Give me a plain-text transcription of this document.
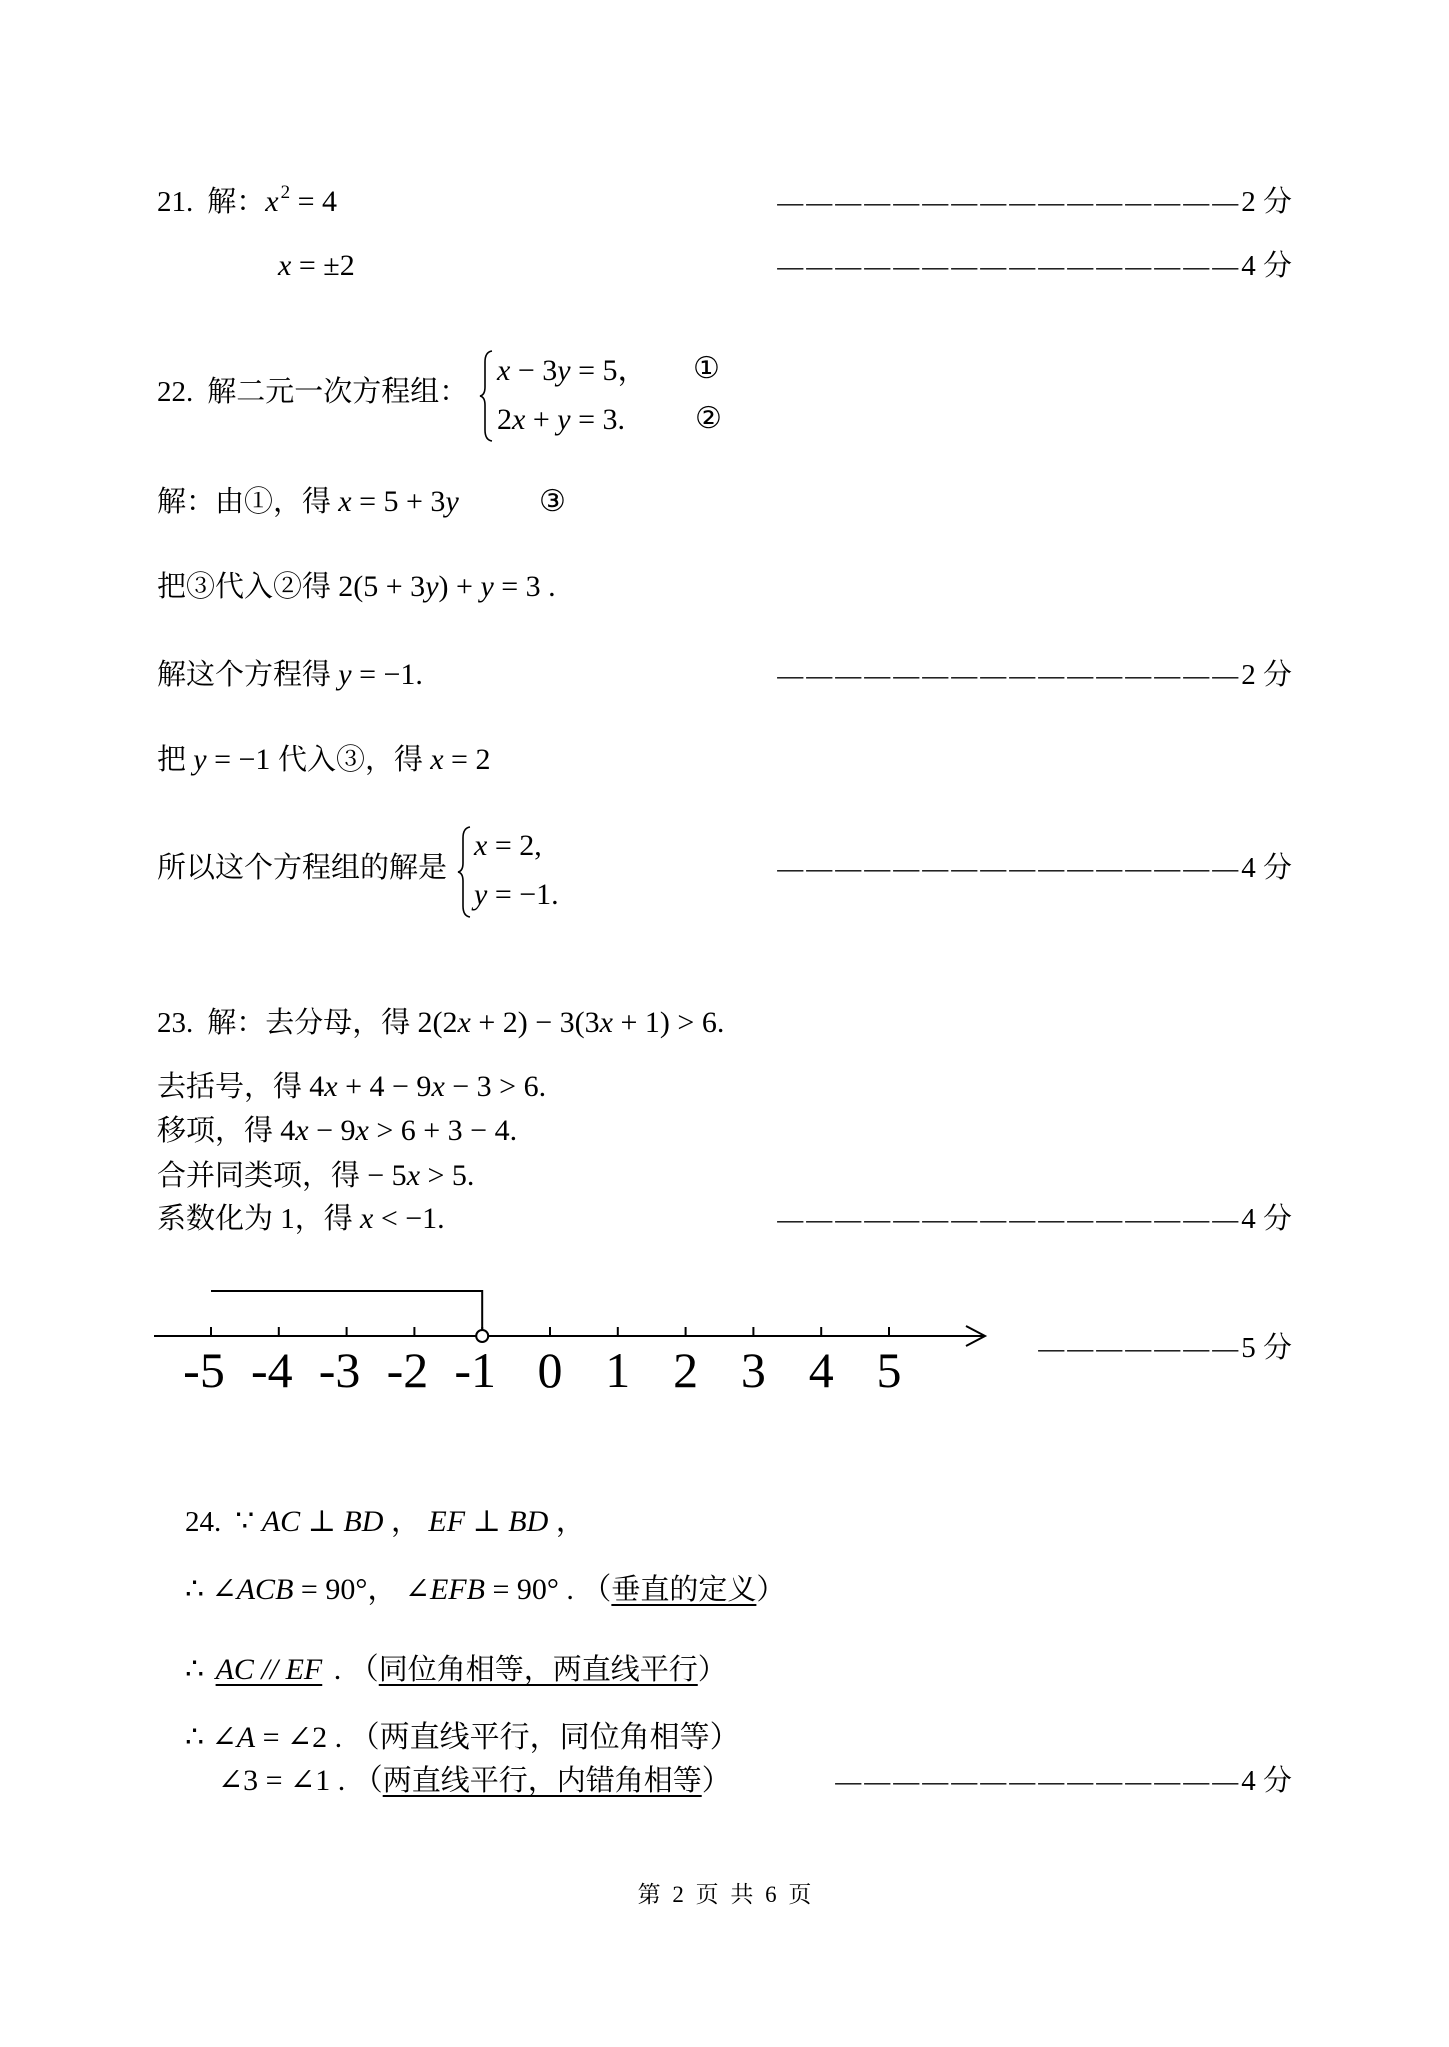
21. 解：x $^2$ = 4	————————————————2 分
x = ±2	————————————————4 分
22. 解二元一次方程组：
x − 3y = 5， ①
2x + y = 3. ②
解：由①，得 x = 5 + 3y	③
把③代入②得 2(5 + 3y) + y = 3 .
解这个方程得 y = −1.	————————————————2 分
把 y = −1 代入③，得 x = 2
所以这个方程组的解是
x = 2,
y = −1.
————————————————4 分
23. 解：去分母，得 2(2x + 2) − 3(3x + 1) > 6.
去括号，得 4x + 4 − 9x − 3 > 6.
移项，得 4x − 9x > 6 + 3 − 4.
合并同类项，得 − 5x > 5.
系数化为 1，得 x < −1.	————————————————4 分
-5 -4 -3 -2 -1 0 1 2 3 4 5	———————5 分
24. ∵ AC ⊥ BD ， EF ⊥ BD ，
∴ ∠ACB = 90°， ∠EFB = 90° . （垂直的定义）
∴ AC // EF . （同位角相等，两直线平行）
∴ ∠A = ∠2 . （两直线平行，同位角相等）
∠3 = ∠1 . （两直线平行，内错角相等）	——————————————4 分
第 2 页 共 6 页
